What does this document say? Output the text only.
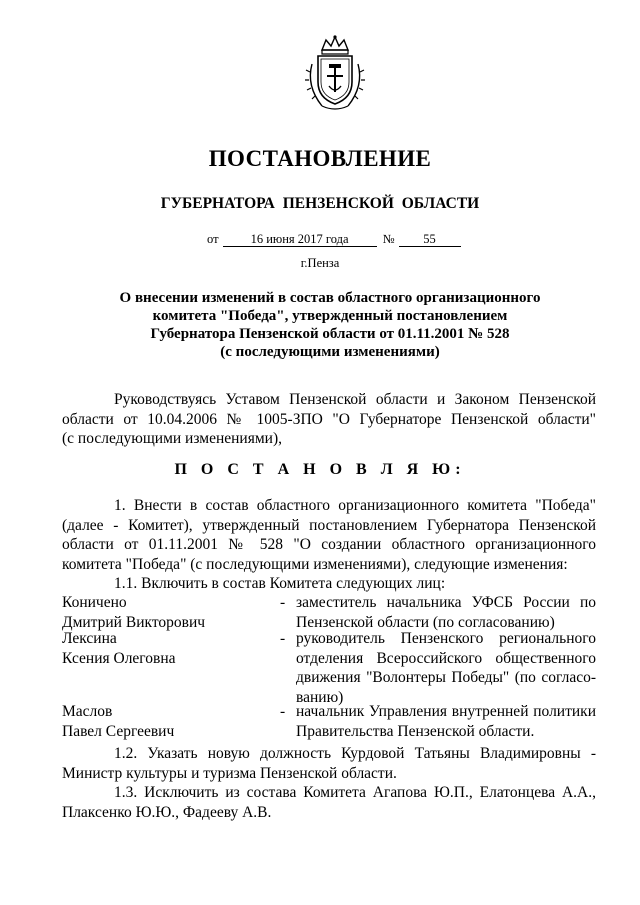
ПОСТАНОВЛЕНИЕ
ГУБЕРНАТОРА ПЕНЗЕНСКОЙ ОБЛАСТИ
от	16 июня 2017 года	№ 55
г.Пенза
О внесении изменений в состав областного организационного
комитета "Победа", утвержденный постановлением
Губернатора Пензенской области от 01.11.2001 № 528
(с последующими изменениями)
Руководствуясь Уставом Пензенской области и Законом Пензенской
области от 10.04.2006 № 1005-ЗПО "О Губернаторе Пензенской области"
(с последующими изменениями),
П О С Т А Н О В Л Я Ю:
1. Внести в состав областного организационного комитета "Победа"
(далее - Комитет), утвержденный постановлением Губернатора Пензенской
области от 01.11.2001 № 528 "О создании областного организационного
комитета "Победа" (с последующими изменениями), следующие изменения:
1.1. Включить в состав Комитета следующих лиц:
Коничено
Дмитрий Викторович
- заместитель начальника УФСБ России по
Пензенской области (по согласованию)
Лексина
Ксения Олеговна
- руководитель Пензенского регионального
отделения Всероссийского общественного
движения "Волонтеры Победы" (по согласо-
ванию)
Маслов
Павел Сергеевич
- начальник Управления внутренней политики
Правительства Пензенской области.
1.2. Указать новую должность Курдовой Татьяны Владимировны -
Министр культуры и туризма Пензенской области.
1.3. Исключить из состава Комитета Агапова Ю.П., Елатонцева А.А.,
Плаксенко Ю.Ю., Фадееву А.В.
